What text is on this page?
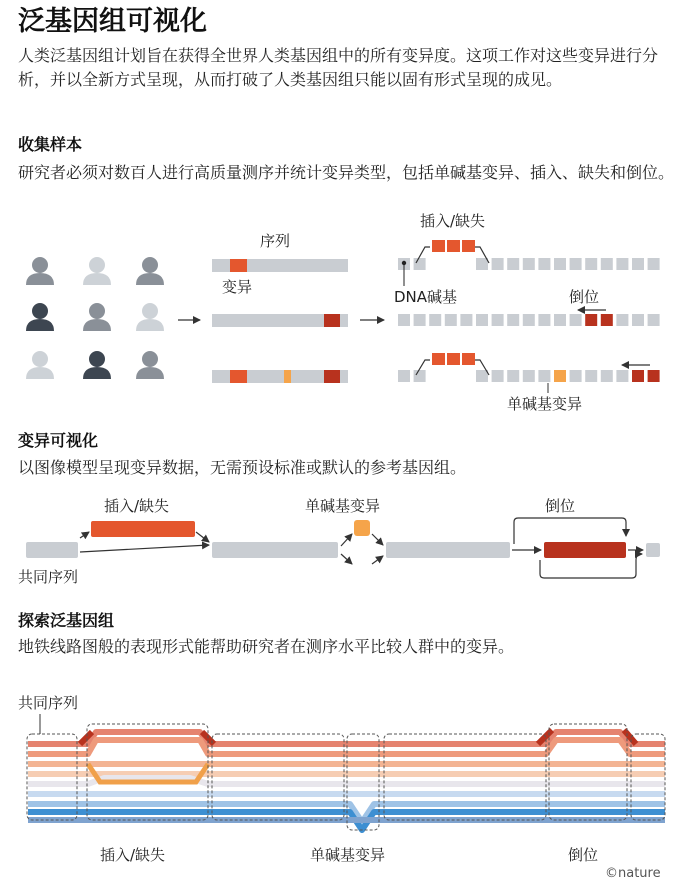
泛基因组可视化
人类泛基因组计划旨在获得全世界人类基因组中的所有变异度。这项工作对这些变异进行分析，并以全新方式呈现，从而打破了人类基因组只能以固有形式呈现的成见。
收集样本
研究者必须对数百人进行高质量测序并统计变异类型，包括单碱基变异、插入、缺失和倒位。
序列
变异
插入/缺失
DNA碱基	倒位
单碱基变异
变异可视化
以图像模型呈现变异数据，无需预设标准或默认的参考基因组。
插入/缺失	单碱基变异	倒位
共同序列
探索泛基因组
地铁线路图般的表现形式能帮助研究者在测序水平比较人群中的变异。
共同序列
插入/缺失	单碱基变异	倒位
©nature
